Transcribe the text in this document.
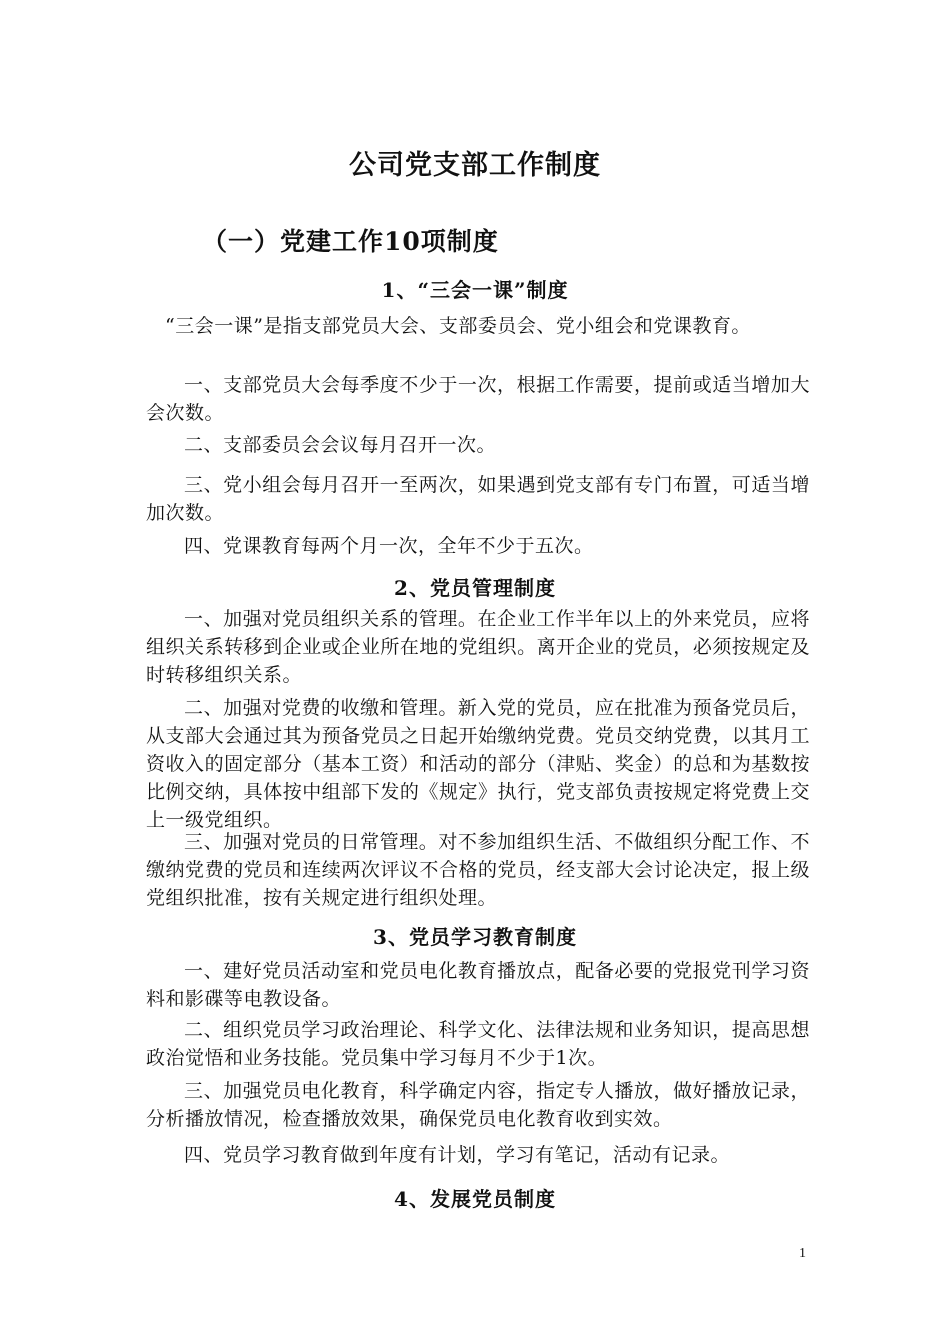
公司党支部工作制度
（一）党建工作10项制度
1、“三会一课”制度

“三会一课”是指支部党员大会、支部委员会、党小组会和党课教育。

一、支部党员大会每季度不少于一次，根据工作需要，提前或适当增加大会次数。

二、支部委员会会议每月召开一次。

三、党小组会每月召开一至两次，如果遇到党支部有专门布置，可适当增加次数。

四、党课教育每两个月一次，全年不少于五次。

2、党员管理制度

一、加强对党员组织关系的管理。在企业工作半年以上的外来党员，应将组织关系转移到企业或企业所在地的党组织。离开企业的党员，必须按规定及时转移组织关系。

二、加强对党费的收缴和管理。新入党的党员，应在批准为预备党员后，从支部大会通过其为预备党员之日起开始缴纳党费。党员交纳党费，以其月工资收入的固定部分（基本工资）和活动的部分（津贴、奖金）的总和为基数按比例交纳，具体按中组部下发的《规定》执行，党支部负责按规定将党费上交上一级党组织。

三、加强对党员的日常管理。对不参加组织生活、不做组织分配工作、不缴纳党费的党员和连续两次评议不合格的党员，经支部大会讨论决定，报上级党组织批准，按有关规定进行组织处理。

3、党员学习教育制度

一、建好党员活动室和党员电化教育播放点，配备必要的党报党刊学习资料和影碟等电教设备。

二、组织党员学习政治理论、科学文化、法律法规和业务知识，提高思想政治觉悟和业务技能。党员集中学习每月不少于1次。

三、加强党员电化教育，科学确定内容，指定专人播放，做好播放记录，分析播放情况，检查播放效果，确保党员电化教育收到实效。

四、党员学习教育做到年度有计划，学习有笔记，活动有记录。

4、发展党员制度
1
